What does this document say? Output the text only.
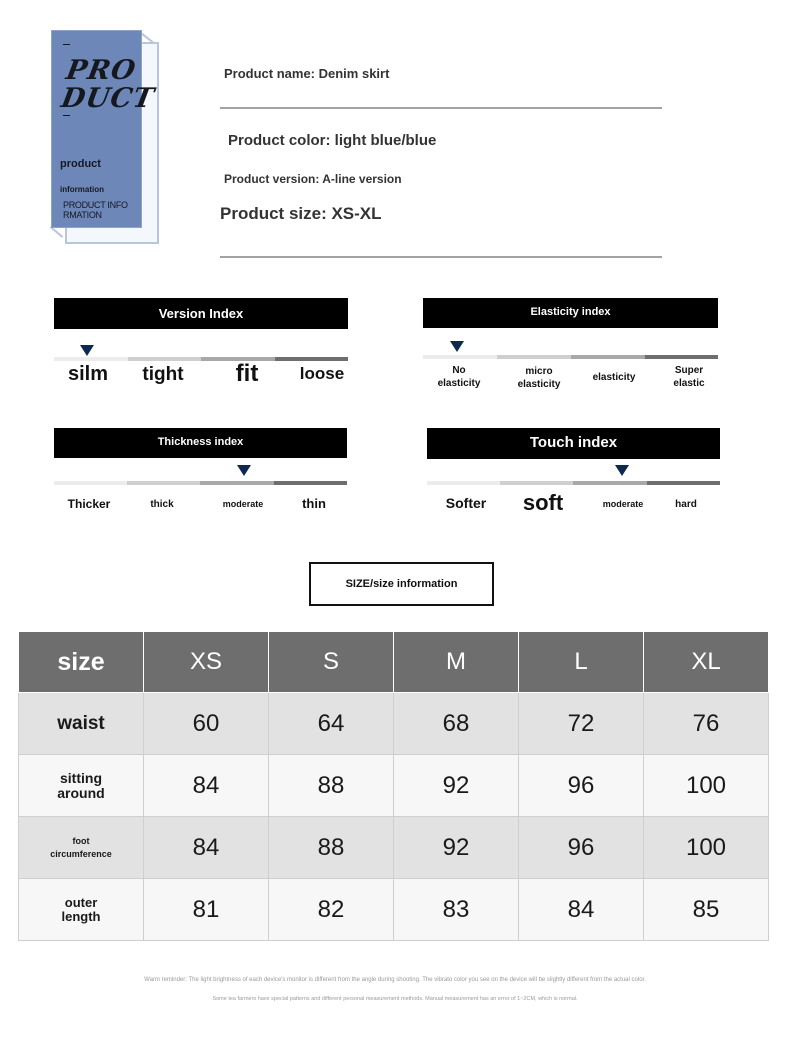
PRO
DUCT
product
information
PRODUCT INFO RMATION
Product name: Denim skirt
Product color: light blue/blue
Product version: A-line version
Product size: XS-XL
Version Index
silm	tight	fit	loose
Elasticity index
No
elasticity
micro
elasticity
elasticity
Super
elastic
Thickness index
Thicker	thick	moderate	thin
Touch index
Softer	soft	moderate	hard
SIZE/size information
size	XS	S	M	L	XL
waist	60	64	68	72	76
sitting
around	84	88	92	96	100
foot
circumference	84	88	92	96	100
outer
length	81	82	83	84	85
Warm reminder: The light brightness of each device's monitor is different from the angle during shooting. The vibrato color you see on the device will be slightly different from the actual color.
Some tea farmers have special patterns and different personal measurement methods. Manual measurement has an error of 1~2CM, which is normal.
